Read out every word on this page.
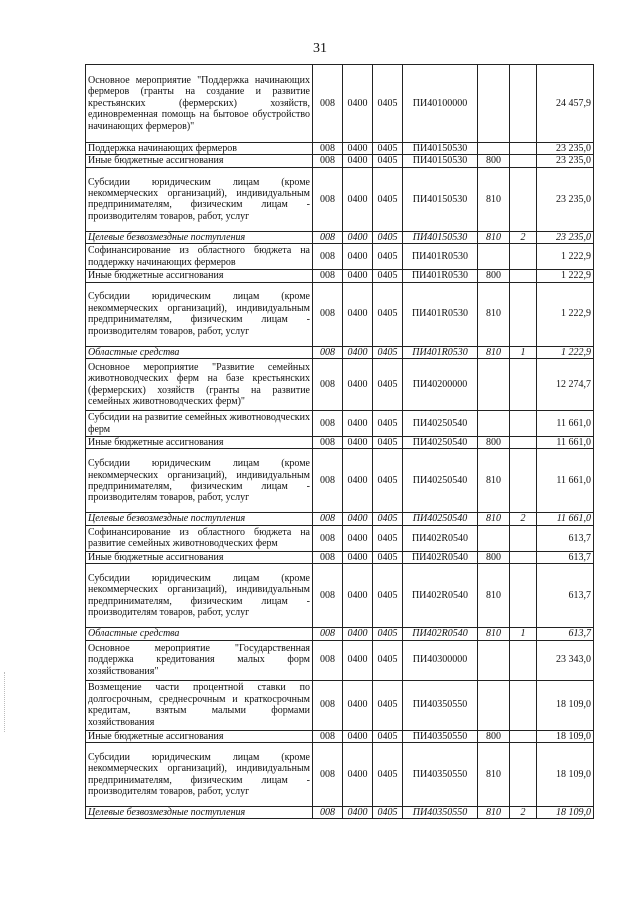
31
Основное мероприятие "Поддержка начинающих фермеров (гранты на создание и развитие крестьянских (фермерских) хозяйств, единовременная помощь на бытовое обустройство начинающих фермеров)"	008	0400	0405	ПИ40100000			24 457,9
Поддержка начинающих фермеров	008	0400	0405	ПИ40150530			23 235,0
Иные бюджетные ассигнования	008	0400	0405	ПИ40150530	800		23 235,0
Субсидии юридическим лицам (кроме некоммерческих организаций), индивидуальным предпринимателям, физическим лицам - производителям товаров, работ, услуг	008	0400	0405	ПИ40150530	810		23 235,0
Целевые безвозмездные поступления	008	0400	0405	ПИ40150530	810	2	23 235,0
Софинансирование из областного бюджета на поддержку начинающих фермеров	008	0400	0405	ПИ401R0530			1 222,9
Иные бюджетные ассигнования	008	0400	0405	ПИ401R0530	800		1 222,9
Субсидии юридическим лицам (кроме некоммерческих организаций), индивидуальным предпринимателям, физическим лицам - производителям товаров, работ, услуг	008	0400	0405	ПИ401R0530	810		1 222,9
Областные средства	008	0400	0405	ПИ401R0530	810	1	1 222,9
Основное мероприятие "Развитие семейных животноводческих ферм на базе крестьянских (фермерских) хозяйств (гранты на развитие семейных животноводческих ферм)"	008	0400	0405	ПИ40200000			12 274,7
Субсидии на развитие семейных животноводческих ферм	008	0400	0405	ПИ40250540			11 661,0
Иные бюджетные ассигнования	008	0400	0405	ПИ40250540	800		11 661,0
Субсидии юридическим лицам (кроме некоммерческих организаций), индивидуальным предпринимателям, физическим лицам - производителям товаров, работ, услуг	008	0400	0405	ПИ40250540	810		11 661,0
Целевые безвозмездные поступления	008	0400	0405	ПИ40250540	810	2	11 661,0
Софинансирование из областного бюджета на развитие семейных животноводческих ферм	008	0400	0405	ПИ402R0540			613,7
Иные бюджетные ассигнования	008	0400	0405	ПИ402R0540	800		613,7
Субсидии юридическим лицам (кроме некоммерческих организаций), индивидуальным предпринимателям, физическим лицам - производителям товаров, работ, услуг	008	0400	0405	ПИ402R0540	810		613,7
Областные средства	008	0400	0405	ПИ402R0540	810	1	613,7
Основное мероприятие "Государственная поддержка кредитования малых форм хозяйствования"	008	0400	0405	ПИ40300000			23 343,0
Возмещение части процентной ставки по долгосрочным, среднесрочным и краткосрочным кредитам, взятым малыми формами хозяйствования	008	0400	0405	ПИ40350550			18 109,0
Иные бюджетные ассигнования	008	0400	0405	ПИ40350550	800		18 109,0
Субсидии юридическим лицам (кроме некоммерческих организаций), индивидуальным предпринимателям, физическим лицам - производителям товаров, работ, услуг	008	0400	0405	ПИ40350550	810		18 109,0
Целевые безвозмездные поступления	008	0400	0405	ПИ40350550	810	2	18 109,0
